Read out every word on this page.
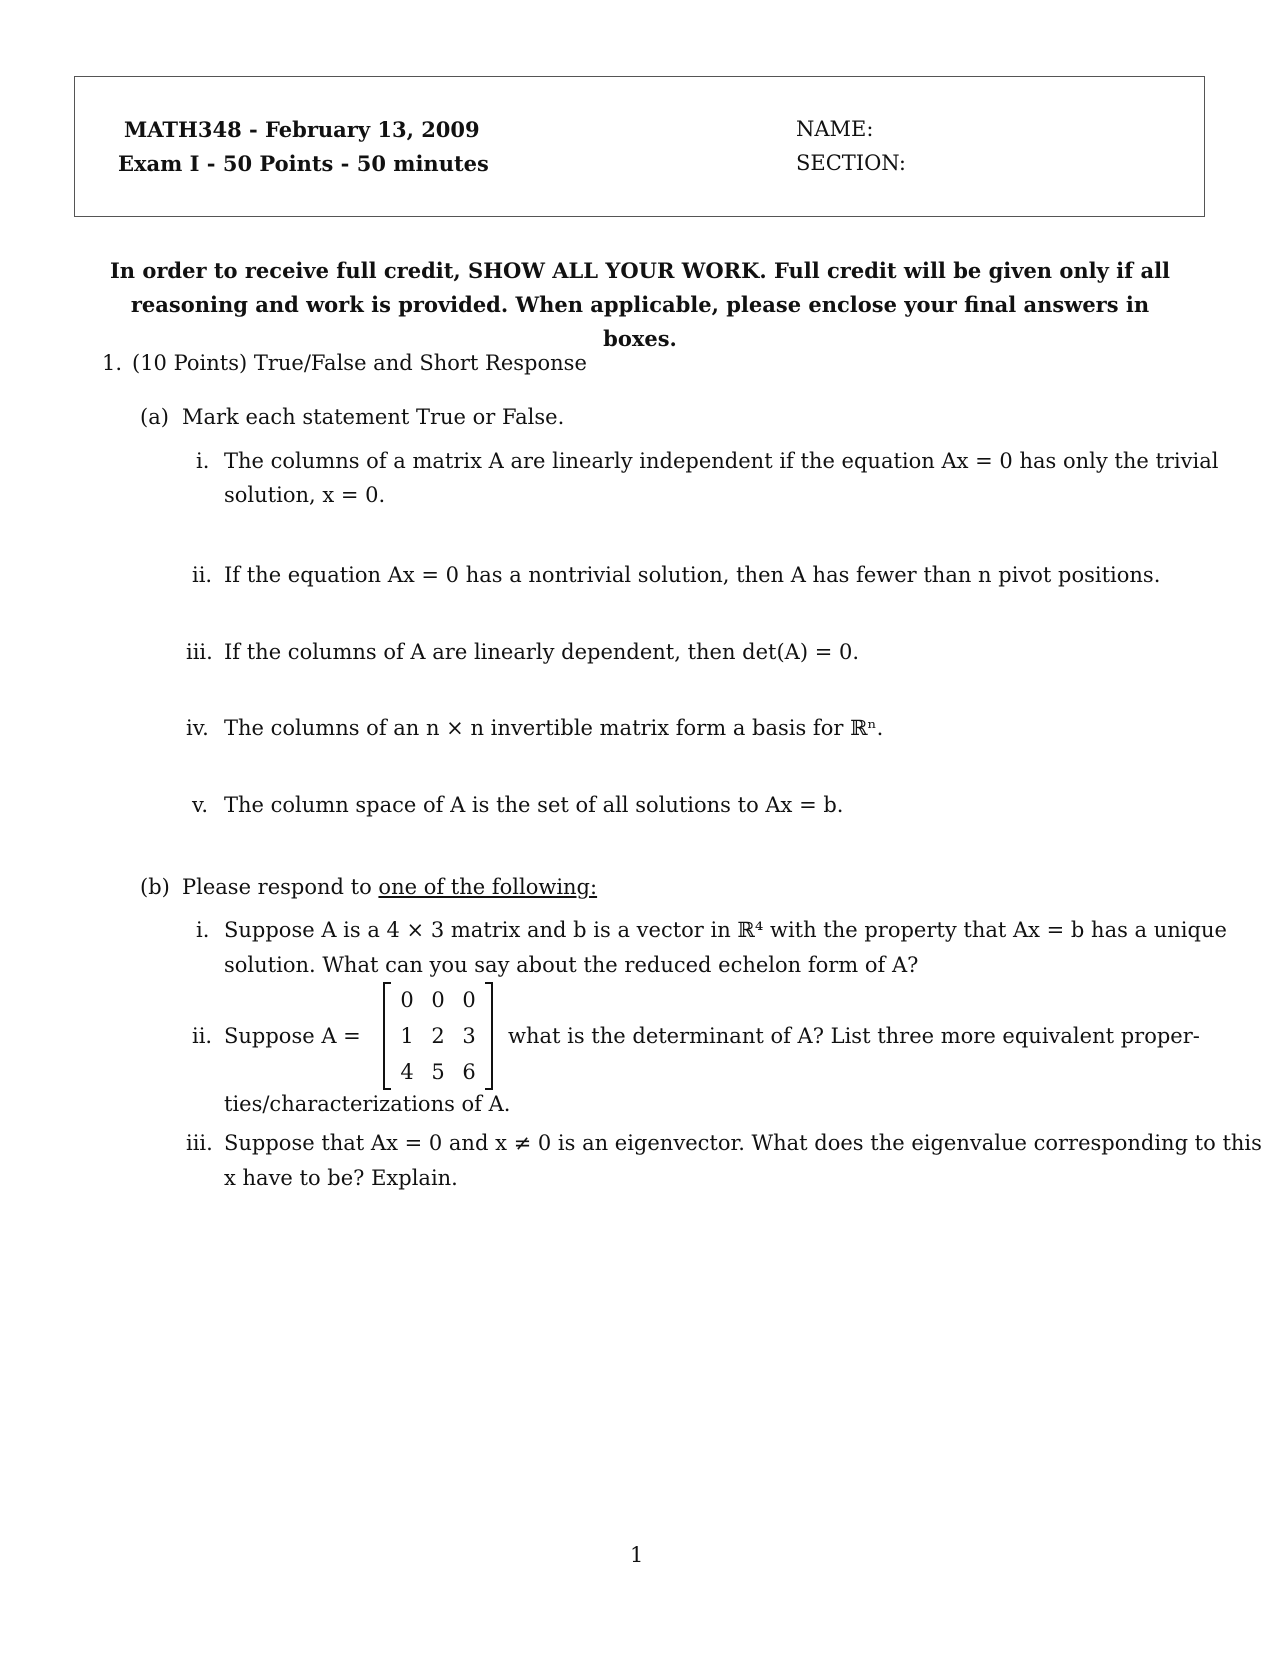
MATH348 - February 13, 2009
Exam I - 50 Points - 50 minutes
NAME:
SECTION:
In order to receive full credit, SHOW ALL YOUR WORK. Full credit will be given only if all
reasoning and work is provided. When applicable, please enclose your final answers in boxes.
1. (10 Points) True/False and Short Response
(a) Mark each statement True or False.
i. The columns of a matrix A are linearly independent if the equation Ax = 0 has only the trivial
solution, x = 0.
ii. If the equation Ax = 0 has a nontrivial solution, then A has fewer than n pivot positions.
iii. If the columns of A are linearly dependent, then det(A) = 0.
iv. The columns of an n × n invertible matrix form a basis for ℝⁿ.
v. The column space of A is the set of all solutions to Ax = b.
(b) Please respond to one of the following:
i. Suppose A is a 4 × 3 matrix and b is a vector in ℝ⁴ with the property that Ax = b has a unique
solution. What can you say about the reduced echelon form of A?
ii. Suppose A =
0 0 0
1 2 3
4 5 6
what is the determinant of A? List three more equivalent proper-
ties/characterizations of A.
iii. Suppose that Ax = 0 and x ≠ 0 is an eigenvector. What does the eigenvalue corresponding to this
x have to be? Explain.
1
